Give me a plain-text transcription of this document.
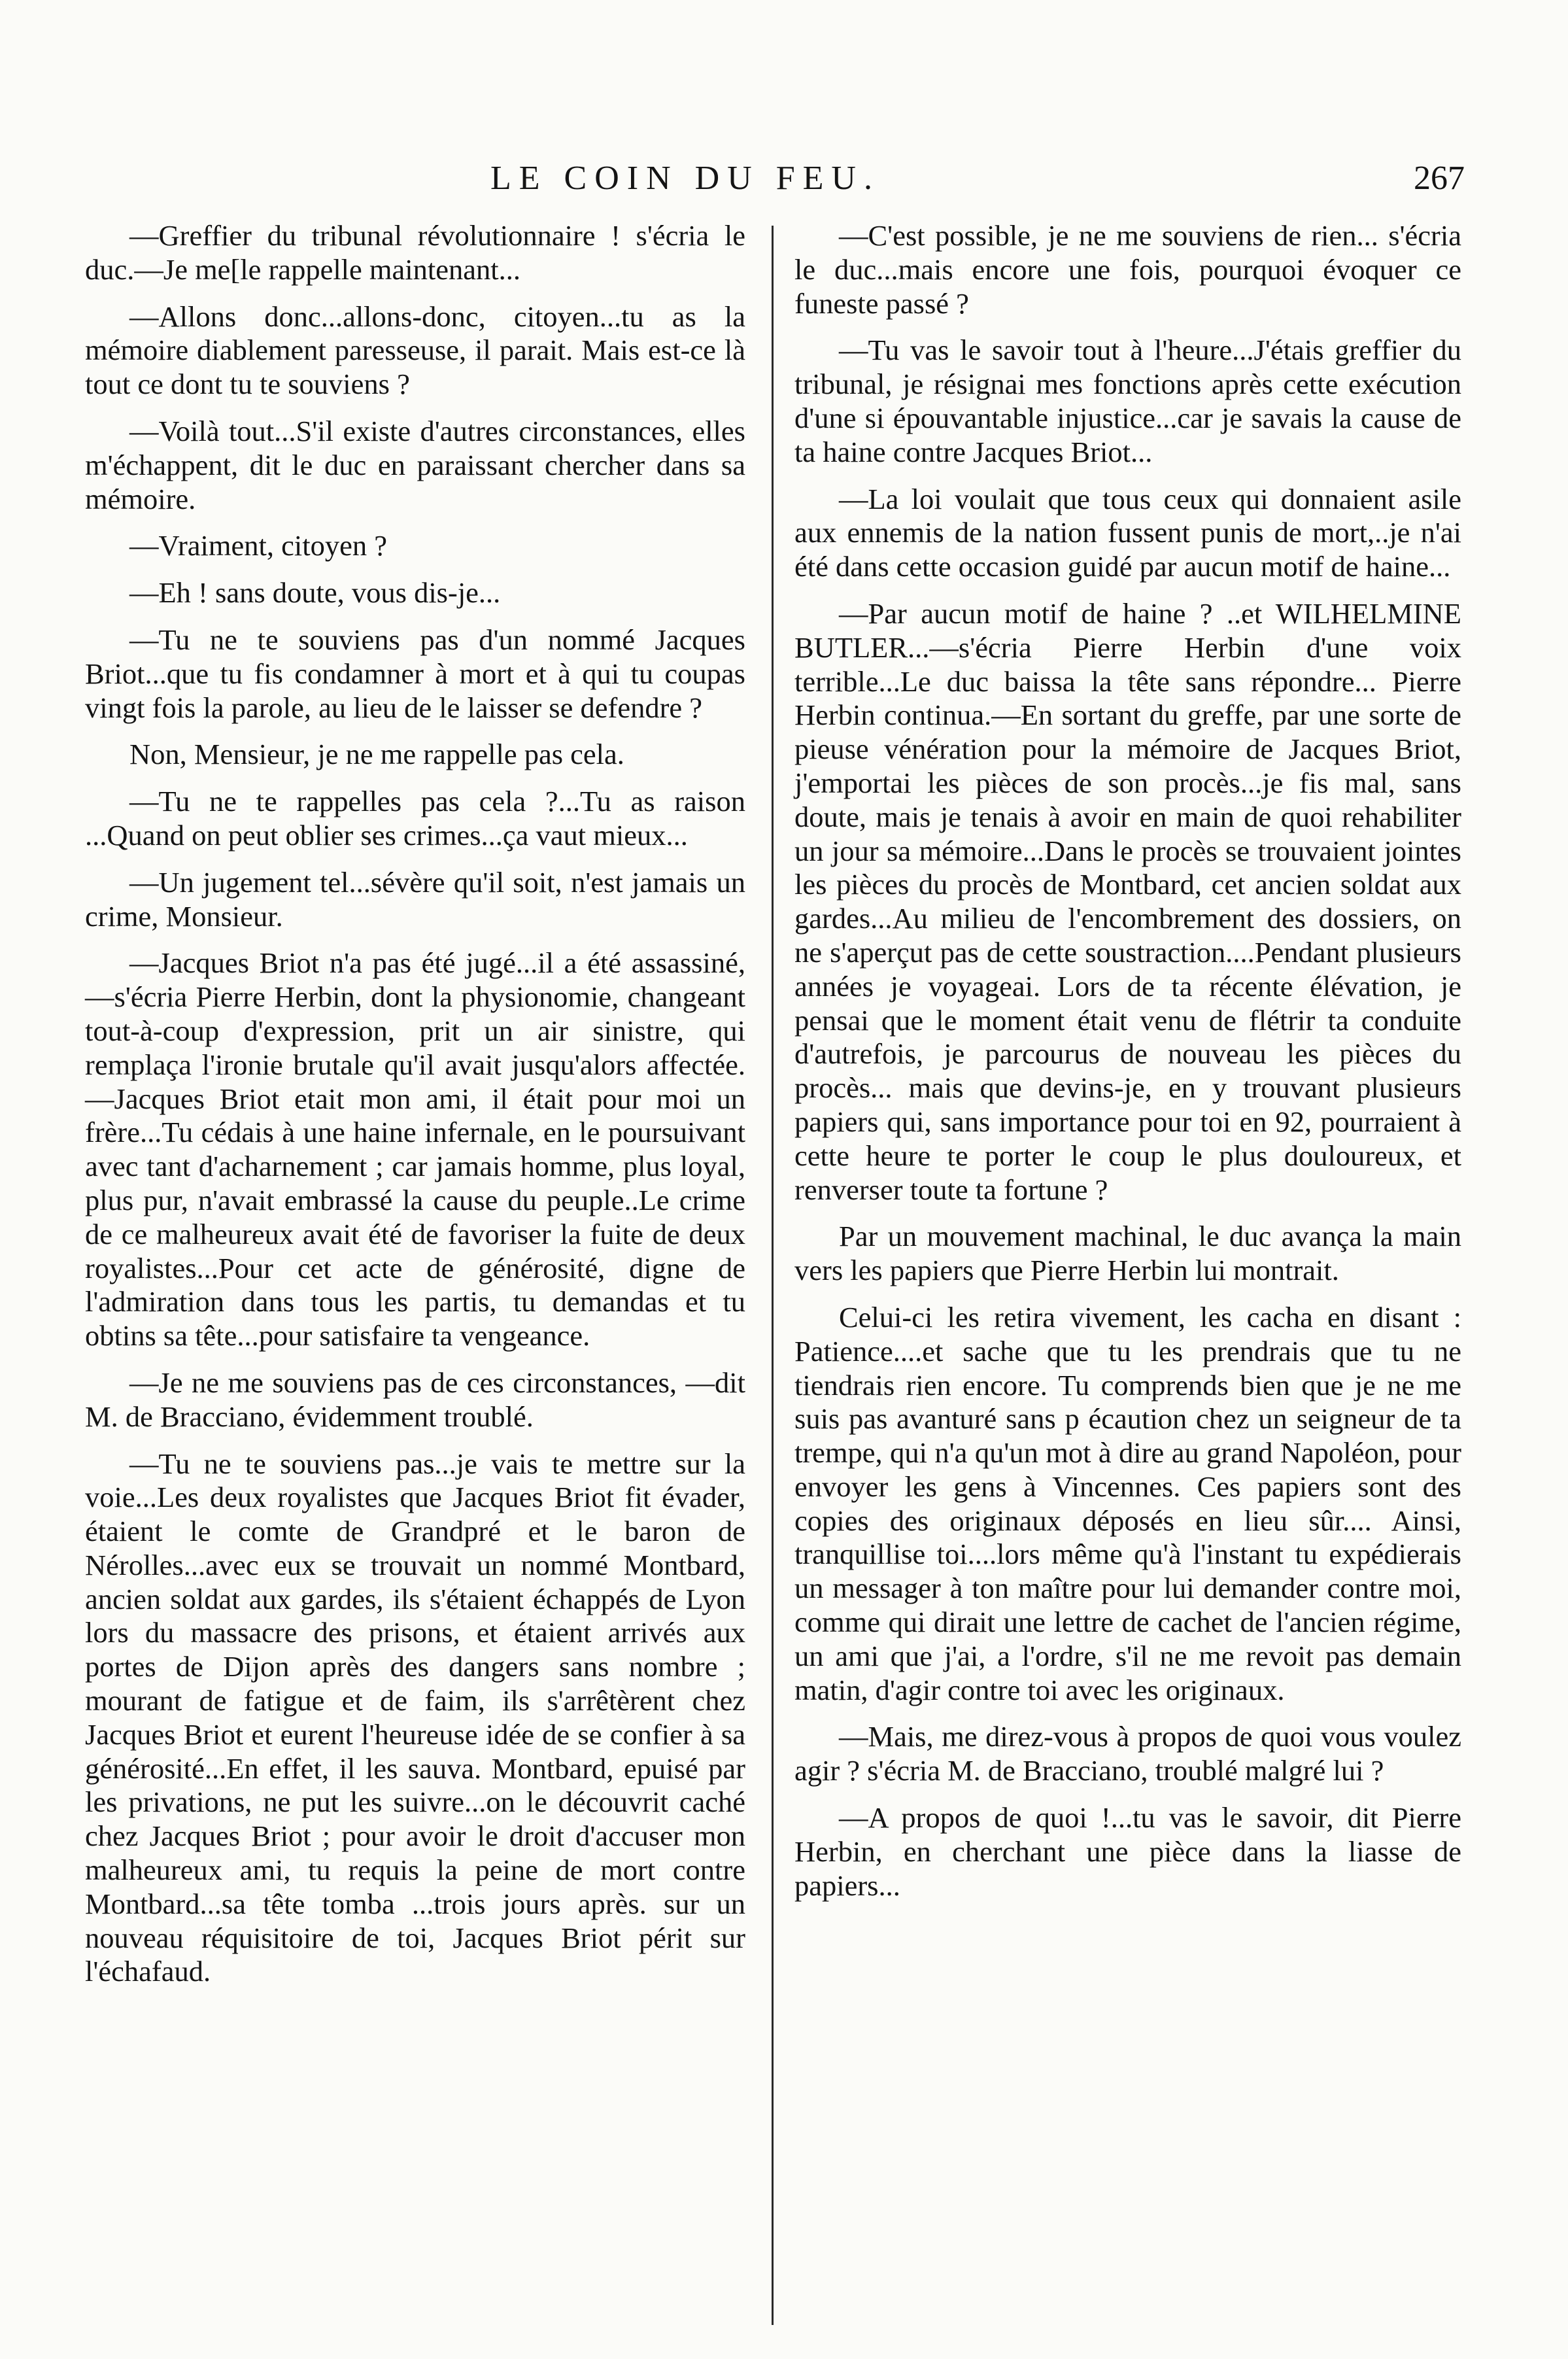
LE COIN DU FEU.	267

—Greffier du tribunal révolutionnaire ! s'écria le duc.—Je me[le rappelle maintenant...

—Allons donc...allons-donc, citoyen...tu as la mémoire diablement paresseuse, il parait. Mais est-ce là tout ce dont tu te souviens ?

—Voilà tout...S'il existe d'autres circonstances, elles m'échappent, dit le duc en paraissant chercher dans sa mémoire.

—Vraiment, citoyen ?

—Eh ! sans doute, vous dis-je...

—Tu ne te souviens pas d'un nommé Jacques Briot...que tu fis condamner à mort et à qui tu coupas vingt fois la parole, au lieu de le laisser se defendre ?

Non, Mensieur, je ne me rappelle pas cela.

—Tu ne te rappelles pas cela ?...Tu as raison ...Quand on peut oblier ses crimes...ça vaut mieux...

—Un jugement tel...sévère qu'il soit, n'est jamais un crime, Monsieur.

—Jacques Briot n'a pas été jugé...il a été assassiné,—s'écria Pierre Herbin, dont la physionomie, changeant tout-à-coup d'expression, prit un air sinistre, qui remplaça l'ironie brutale qu'il avait jusqu'alors affectée.—Jacques Briot etait mon ami, il était pour moi un frère...Tu cédais à une haine infernale, en le poursuivant avec tant d'acharnement ; car jamais homme, plus loyal, plus pur, n'avait embrassé la cause du peuple..Le crime de ce malheureux avait été de favoriser la fuite de deux royalistes...Pour cet acte de générosité, digne de l'admiration dans tous les partis, tu demandas et tu obtins sa tête...pour satisfaire ta vengeance.

—Je ne me souviens pas de ces circonstances, —dit M. de Bracciano, évidemment troublé.

—Tu ne te souviens pas...je vais te mettre sur la voie...Les deux royalistes que Jacques Briot fit évader, étaient le comte de Grandpré et le baron de Nérolles...avec eux se trouvait un nommé Montbard, ancien soldat aux gardes, ils s'étaient échappés de Lyon lors du massacre des prisons, et étaient arrivés aux portes de Dijon après des dangers sans nombre ; mourant de fatigue et de faim, ils s'arrêtèrent chez Jacques Briot et eurent l'heureuse idée de se confier à sa générosité...En effet, il les sauva. Montbard, epuisé par les privations, ne put les suivre...on le découvrit caché chez Jacques Briot ; pour avoir le droit d'accuser mon malheureux ami, tu requis la peine de mort contre Montbard...sa tête tomba ...trois jours après. sur un nouveau réquisitoire de toi, Jacques Briot périt sur l'échafaud.

—C'est possible, je ne me souviens de rien... s'écria le duc...mais encore une fois, pourquoi évoquer ce funeste passé ?

—Tu vas le savoir tout à l'heure...J'étais greffier du tribunal, je résignai mes fonctions après cette exécution d'une si épouvantable injustice...car je savais la cause de ta haine contre Jacques Briot...

—La loi voulait que tous ceux qui donnaient asile aux ennemis de la nation fussent punis de mort,..je n'ai été dans cette occasion guidé par aucun motif de haine...

—Par aucun motif de haine ? ..et WILHELMINE BUTLER...—s'écria Pierre Herbin d'une voix terrible...Le duc baissa la tête sans répondre... Pierre Herbin continua.—En sortant du greffe, par une sorte de pieuse vénération pour la mémoire de Jacques Briot, j'emportai les pièces de son procès...je fis mal, sans doute, mais je tenais à avoir en main de quoi rehabiliter un jour sa mémoire...Dans le procès se trouvaient jointes les pièces du procès de Montbard, cet ancien soldat aux gardes...Au milieu de l'encombrement des dossiers, on ne s'aperçut pas de cette soustraction....Pendant plusieurs années je voyageai. Lors de ta récente élévation, je pensai que le moment était venu de flétrir ta conduite d'autrefois, je parcourus de nouveau les pièces du procès... mais que devins-je, en y trouvant plusieurs papiers qui, sans importance pour toi en 92, pourraient à cette heure te porter le coup le plus douloureux, et renverser toute ta fortune ?

Par un mouvement machinal, le duc avança la main vers les papiers que Pierre Herbin lui montrait.

Celui-ci les retira vivement, les cacha en disant : Patience....et sache que tu les prendrais que tu ne tiendrais rien encore. Tu comprends bien que je ne me suis pas avanturé sans p écaution chez un seigneur de ta trempe, qui n'a qu'un mot à dire au grand Napoléon, pour envoyer les gens à Vincennes. Ces papiers sont des copies des originaux déposés en lieu sûr.... Ainsi, tranquillise toi....lors même qu'à l'instant tu expédierais un messager à ton maître pour lui demander contre moi, comme qui dirait une lettre de cachet de l'ancien régime, un ami que j'ai, a l'ordre, s'il ne me revoit pas demain matin, d'agir contre toi avec les originaux.

—Mais, me direz-vous à propos de quoi vous voulez agir ? s'écria M. de Bracciano, troublé malgré lui ?

—A propos de quoi !...tu vas le savoir, dit Pierre Herbin, en cherchant une pièce dans la liasse de papiers...
